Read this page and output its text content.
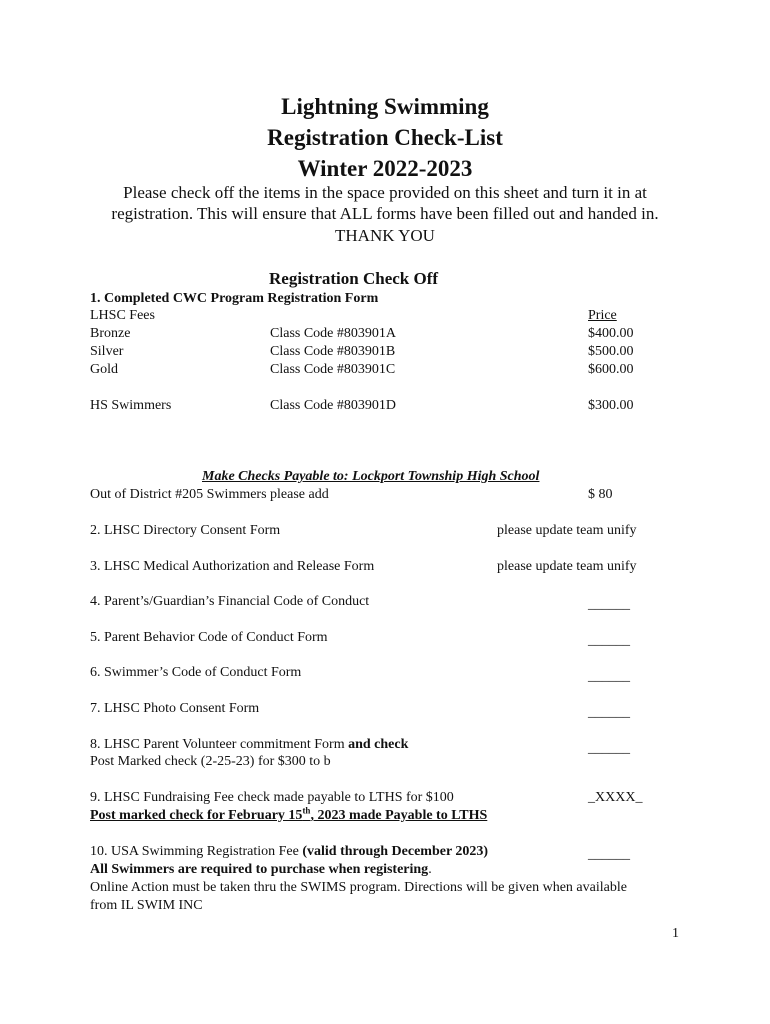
Lightning Swimming
Registration Check-List
Winter 2022-2023
Please check off the items in the space provided on this sheet and turn it in at
registration. This will ensure that ALL forms have been filled out and handed in.
THANK YOU
Registration Check Off
1. Completed CWC Program Registration Form
LHSC Fees	Price
Bronze	Class Code #803901A	$400.00
Silver	Class Code #803901B	$500.00
Gold	Class Code #803901C	$600.00
HS Swimmers	Class Code #803901D	$300.00
Make Checks Payable to: Lockport Township High School
Out of District #205 Swimmers please add	$ 80
2. LHSC Directory Consent Form	please update team unify
3. LHSC Medical Authorization and Release Form	please update team unify
4. Parent’s/Guardian’s Financial Code of Conduct	______
5. Parent Behavior Code of Conduct Form	______
6. Swimmer’s Code of Conduct Form	______
7. LHSC Photo Consent Form	______
8. LHSC Parent Volunteer commitment Form and check	______
Post Marked check (2-25-23) for $300 to b
9. LHSC Fundraising Fee check made payable to LTHS for $100	_XXXX_
Post marked check for February 15th, 2023 made Payable to LTHS
10. USA Swimming Registration Fee (valid through December 2023)	______
All Swimmers are required to purchase when registering.
Online Action must be taken thru the SWIMS program. Directions will be given when available
from IL SWIM INC
1
